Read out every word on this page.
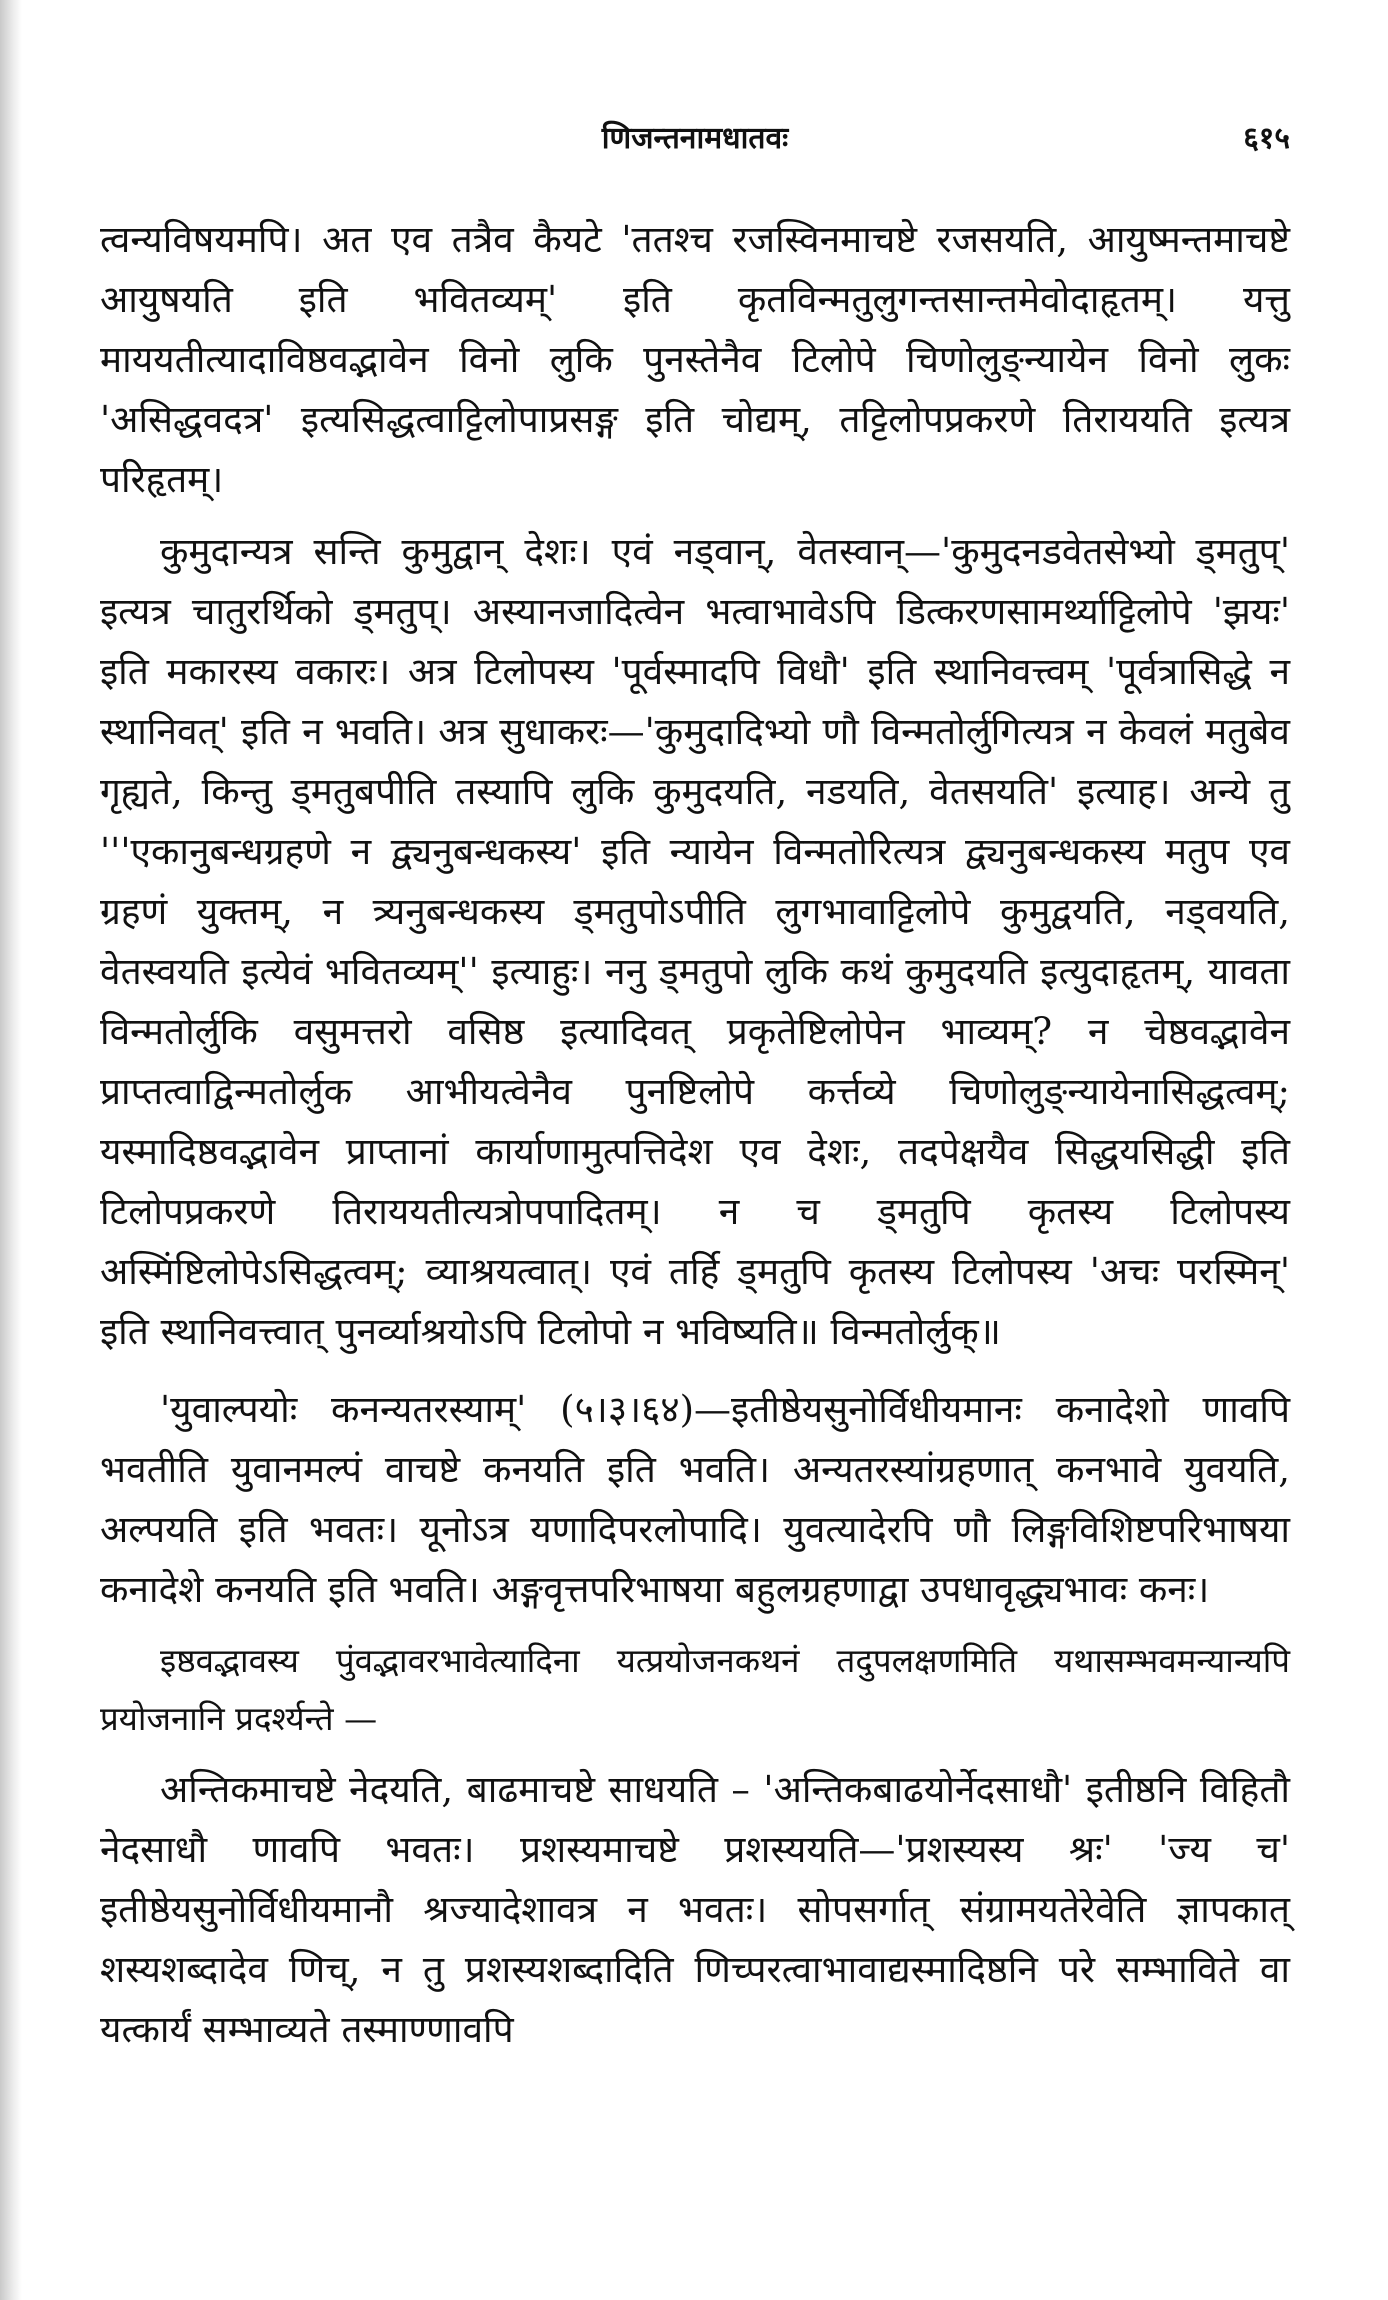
णिजन्तनामधातवः	६१५

त्वन्यविषयमपि। अत एव तत्रैव कैयटे 'ततश्च रजस्विनमाचष्टे रजसयति, आयुष्मन्तमाचष्टे आयुषयति इति भवितव्यम्' इति कृतविन्मतुलुगन्तसान्तमेवोदाहृतम्। यत्तु माययतीत्यादाविष्ठवद्भावेन विनो लुकि पुनस्तेनैव टिलोपे चिणोलुङ्न्यायेन विनो लुकः 'असिद्धवदत्र' इत्यसिद्धत्वाट्टिलोपाप्रसङ्ग इति चोद्यम्, तट्टिलोपप्रकरणे तिराययति इत्यत्र परिहृतम्।

कुमुदान्यत्र सन्ति कुमुद्वान् देशः। एवं नड्वान्, वेतस्वान्—'कुमुदनडवेतसेभ्यो ड्मतुप्' इत्यत्र चातुरर्थिको ड्मतुप्। अस्यानजादित्वेन भत्वाभावेऽपि डित्करणसामर्थ्याट्टिलोपे 'झयः' इति मकारस्य वकारः। अत्र टिलोपस्य 'पूर्वस्मादपि विधौ' इति स्थानिवत्त्वम् 'पूर्वत्रासिद्धे न स्थानिवत्' इति न भवति। अत्र सुधाकरः—'कुमुदादिभ्यो णौ विन्मतोर्लुगित्यत्र न केवलं मतुबेव गृह्यते, किन्तु ड्मतुबपीति तस्यापि लुकि कुमुदयति, नडयति, वेतसयति' इत्याह। अन्ये तु '''एकानुबन्धग्रहणे न द्व्यनुबन्धकस्य' इति न्यायेन विन्मतोरित्यत्र द्व्यनुबन्धकस्य मतुप एव ग्रहणं युक्तम्, न त्र्यनुबन्धकस्य ड्मतुपोऽपीति लुगभावाट्टिलोपे कुमुद्वयति, नड्वयति, वेतस्वयति इत्येवं भवितव्यम्'' इत्याहुः। ननु ड्मतुपो लुकि कथं कुमुदयति इत्युदाहृतम्, यावता विन्मतोर्लुकि वसुमत्तरो वसिष्ठ इत्यादिवत् प्रकृतेष्टिलोपेन भाव्यम्? न चेष्ठवद्भावेन प्राप्तत्वाद्विन्मतोर्लुक आभीयत्वेनैव पुनष्टिलोपे कर्त्तव्ये चिणोलुङ्न्यायेनासिद्धत्वम्; यस्मादिष्ठवद्भावेन प्राप्तानां कार्याणामुत्पत्तिदेश एव देशः, तदपेक्षयैव सिद्धयसिद्धी इति टिलोपप्रकरणे तिराययतीत्यत्रोपपादितम्। न च ड्मतुपि कृतस्य टिलोपस्य अस्मिंष्टिलोपेऽसिद्धत्वम्; व्याश्रयत्वात्। एवं तर्हि ड्मतुपि कृतस्य टिलोपस्य 'अचः परस्मिन्' इति स्थानिवत्त्वात् पुनर्व्याश्रयोऽपि टिलोपो न भविष्यति॥ विन्मतोर्लुक्॥

'युवाल्पयोः कनन्यतरस्याम्' (५।३।६४)—इतीष्ठेयसुनोर्विधीयमानः कनादेशो णावपि भवतीति युवानमल्पं वाचष्टे कनयति इति भवति। अन्यतरस्यांग्रहणात् कनभावे युवयति, अल्पयति इति भवतः। यूनोऽत्र यणादिपरलोपादि। युवत्यादेरपि णौ लिङ्गविशिष्टपरिभाषया कनादेशे कनयति इति भवति। अङ्गवृत्तपरिभाषया बहुलग्रहणाद्वा उपधावृद्ध्यभावः कनः।

इष्ठवद्भावस्य पुंवद्भावरभावेत्यादिना यत्प्रयोजनकथनं तदुपलक्षणमिति यथासम्भवमन्यान्यपि प्रयोजनानि प्रदर्श्यन्ते —

अन्तिकमाचष्टे नेदयति, बाढमाचष्टे साधयति – 'अन्तिकबाढयोर्नेदसाधौ' इतीष्ठनि विहितौ नेदसाधौ णावपि भवतः। प्रशस्यमाचष्टे प्रशस्ययति—'प्रशस्यस्य श्रः' 'ज्य च' इतीष्ठेयसुनोर्विधीयमानौ श्रज्यादेशावत्र न भवतः। सोपसर्गात् संग्रामयतेरेवेति ज्ञापकात् शस्यशब्दादेव णिच्, न तु प्रशस्यशब्दादिति णिच्परत्वाभावाद्यस्मादिष्ठनि परे सम्भाविते वा यत्कार्यं सम्भाव्यते तस्माण्णावपि
